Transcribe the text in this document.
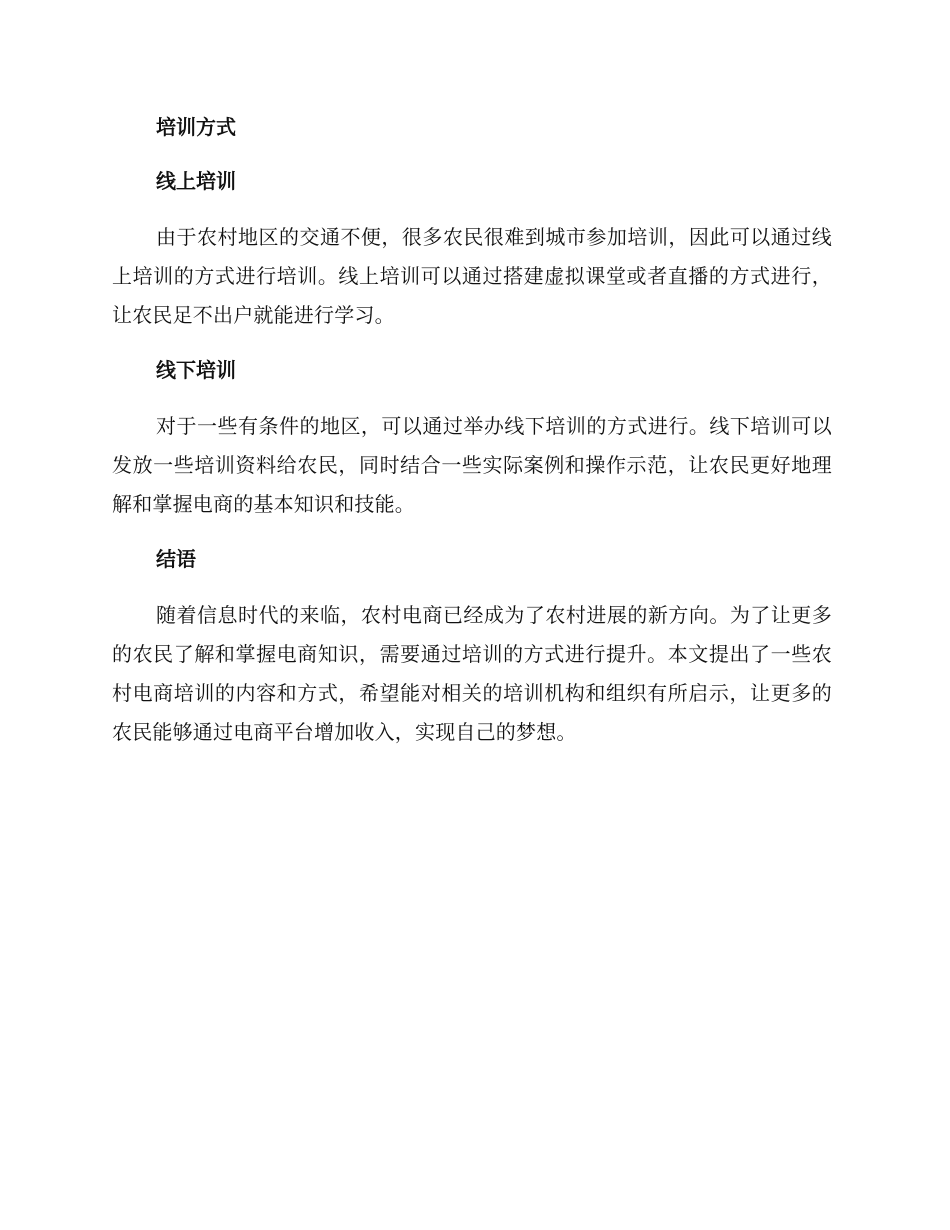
培训方式
线上培训

由于农村地区的交通不便，很多农民很难到城市参加培训，因此可以通过线上培训的方式进行培训。线上培训可以通过搭建虚拟课堂或者直播的方式进行，让农民足不出户就能进行学习。

线下培训

对于一些有条件的地区，可以通过举办线下培训的方式进行。线下培训可以发放一些培训资料给农民，同时结合一些实际案例和操作示范，让农民更好地理解和掌握电商的基本知识和技能。

结语

随着信息时代的来临，农村电商已经成为了农村进展的新方向。为了让更多的农民了解和掌握电商知识，需要通过培训的方式进行提升。本文提出了一些农村电商培训的内容和方式，希望能对相关的培训机构和组织有所启示，让更多的农民能够通过电商平台增加收入，实现自己的梦想。
